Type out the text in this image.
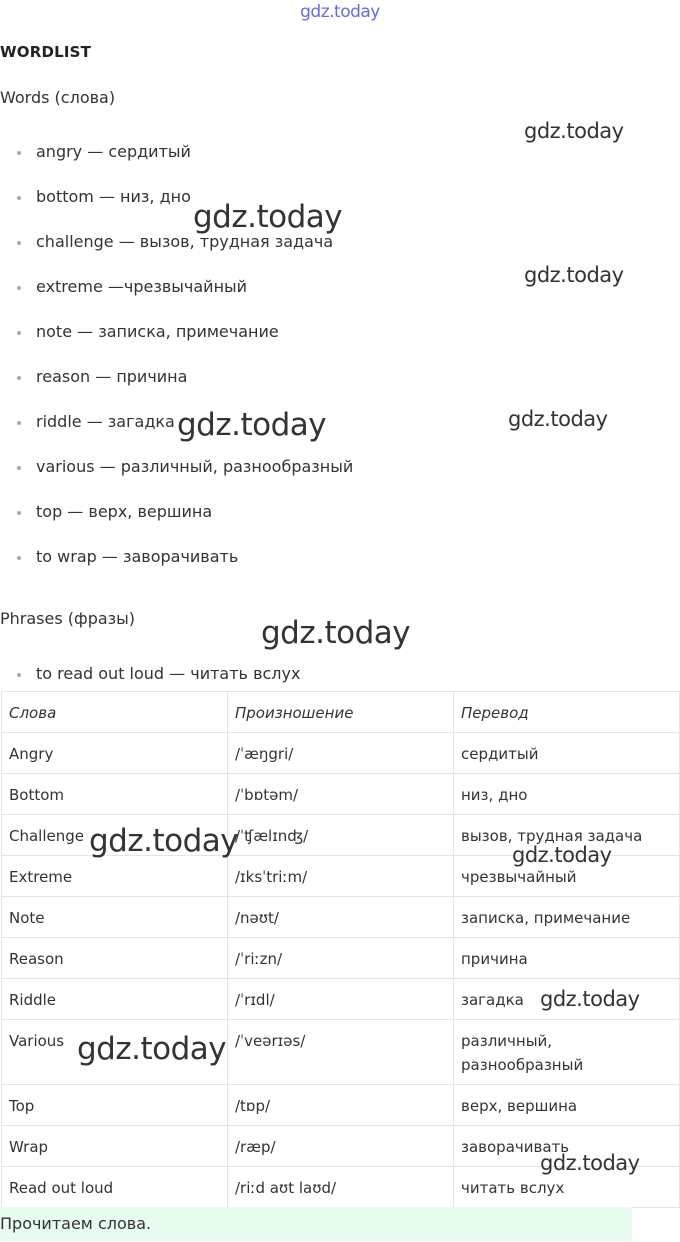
gdz.today
WORDLIST
Words (слова)
angry — сердитый
bottom — низ, дно
challenge — вызов, трудная задача
extreme —чрезвычайный
note — записка, примечание
reason — причина
riddle — загадка
various — различный, разнообразный
top — верх, вершина
to wrap — заворачивать
Phrases (фразы)
to read out loud — читать вслух
Слова	Произношение	Перевод
Angry	/ˈæŋgri/	сердитый
Bottom	/ˈbɒtəm/	низ, дно
Challenge	/ˈʧælɪnʤ/	вызов, трудная задача
Extreme	/ɪksˈtriːm/	чрезвычайный
Note	/nəʊt/	записка, примечание
Reason	/ˈriːzn/	причина
Riddle	/ˈrɪdl/	загадка
Various	/ˈveərɪəs/	различный, разнообразный
Top	/tɒp/	верх, вершина
Wrap	/ræp/	заворачивать
Read out loud	/riːd aʊt laʊd/	читать вслух
Прочитаем слова.
gdz.today
gdz.today
gdz.today
gdz.today	gdz.today
gdz.today
gdz.today	gdz.today
gdz.today
gdz.today
gdz.today
